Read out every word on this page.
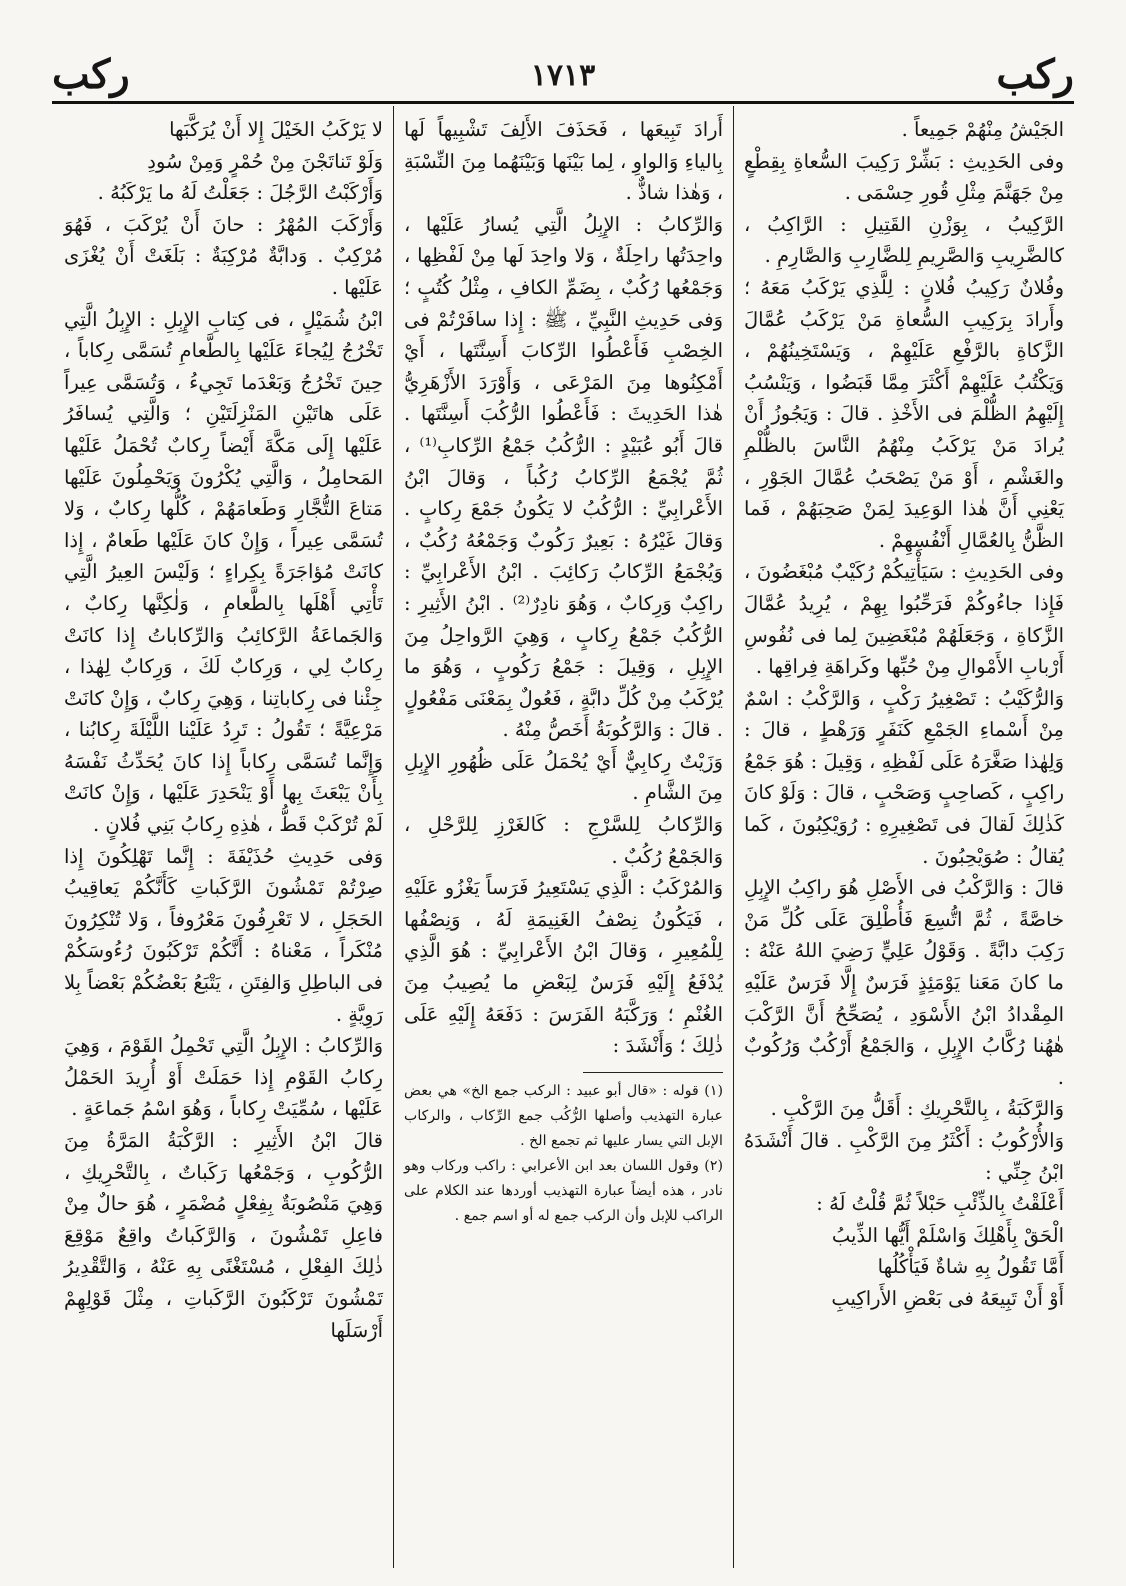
ركب
١٧١٣
ركب

الجَيْشُ مِنْهُمْ جَمِيعاً .

وفى الحَدِيثِ : بَشِّرْ رَكِيبَ السُّعاةِ بِقِطْعٍ مِنْ جَهَنَّمَ مِثْلِ قُورِ حِسْمَى .

الرَّكِيبُ ، بِوَزْنِ القَتِيلِ : الرَّاكِبُ ، كالضَّرِيبِ وَالصَّرِيمِ لِلضَّارِبِ وَالصَّارِمِ .

وفُلانٌ رَكِيبُ فُلانٍ : لِلَّذِي يَرْكَبُ مَعَهُ ؛ وأَرادَ بِرَكِيبِ السُّعاةِ مَنْ يَرْكَبُ عُمَّالَ الزَّكاةِ بالرَّفْعِ عَلَيْهِمْ ، وَيَسْتَخِينُهُمْ ، وَيَكْتُبُ عَلَيْهِمْ أَكْثَرَ مِمَّا قَبَضُوا ، وَيَنْسُبُ إِلَيْهِمُ الظُّلْمَ فى الأَخْذِ . قالَ : وَيَجُوزُ أَنْ يُرادَ مَنْ يَرْكَبُ مِنْهُمُ النَّاسَ بالظُّلْمِ والغَشْمِ ، أَوْ مَنْ يَصْحَبُ عُمَّالَ الجَوْرِ ، يَعْنِي أَنَّ هٰذا الوَعِيدَ لِمَنْ صَحِبَهُمْ ، فَما الظَّنُّ بِالعُمَّالِ أَنْفُسِهِمْ .

وفى الحَدِيثِ : سَيَأْتِيكُمْ رُكَيْبٌ مُبْغَضُونَ ، فَإِذا جاءُوكُمْ فَرَحِّبُوا بِهِمْ ، يُرِيدُ عُمَّالَ الزَّكاةِ ، وَجَعَلَهُمْ مُبْغَضِينَ لِما فى نُفُوسِ أَرْبابِ الأَمْوالِ مِنْ حُبِّها وكَراهَةِ فِراقِها .

وَالرُّكَيْبُ : تَصْغِيرُ رَكْبٍ ، وَالرَّكْبُ : اسْمٌ مِنْ أَسْماءِ الجَمْعِ كَنَفَرٍ وَرَهْطٍ ، قالَ : وَلِهٰذا صَغَّرَهُ عَلَى لَفْظِهِ ، وَقِيلَ : هُوَ جَمْعُ راكِبٍ ، كَصاحِبٍ وَصَحْبٍ ، قالَ : وَلَوْ كانَ كَذٰلِكَ لَقالَ فى تَصْغِيرِهِ : رُوَيْكِبُونَ ، كَما يُقالُ : صُوَيْحِبُونَ .

قالَ : وَالرَّكْبُ فى الأَصْلِ هُوَ راكِبُ الإِبِلِ خاصَّةً ، ثُمَّ اتُّسِعَ فَأُطْلِقَ عَلَى كُلِّ مَنْ رَكِبَ دابَّةً . وَقَوْلُ عَلِيٍّ رَضِيَ اللهُ عَنْهُ : ما كانَ مَعَنا يَوْمَئِذٍ فَرَسٌ إِلَّا فَرَسٌ عَلَيْهِ المِقْدادُ ابْنُ الأَسْوَدِ ، يُصَحِّحُ أَنَّ الرَّكْبَ هٰهُنا رُكَّابُ الإِبِلِ ، وَالجَمْعُ أَرْكُبٌ وَرُكُوبٌ .

وَالرَّكَبَةُ ، بِالتَّحْرِيكِ : أَقَلُّ مِنَ الرَّكْبِ .

وَالأُرْكُوبُ : أَكْثَرُ مِنَ الرَّكْبِ . قالَ أَنْشَدَهُ ابْنُ جِنِّي :

أَعْلَقْتُ بِالذِّئْبِ حَبْلاً ثُمَّ قُلْتُ لَهُ :

الْحَقْ بِأَهْلِكَ وَاسْلَمْ أَيُّها الذِّيبُ

أَمَّا تَقُولُ بِهِ شاةٌ فَيَأْكُلُها

أَوْ أَنْ تَبِيعَهُ فى بَعْضِ الأَراكِيبِ

أَرادَ تَبِيعَها ، فَحَذَفَ الأَلِفَ تَشْبِيهاً لَها بِالياءِ وَالواوِ ، لِما بَيْنَها وَبَيْنَهُما مِنَ النِّسْبَةِ ، وَهٰذا شاذٌّ .

وَالرِّكابُ : الإِبِلُ الَّتِي يُسارُ عَلَيْها ، واحِدَتُها راحِلَةٌ ، وَلا واحِدَ لَها مِنْ لَفْظِها ، وَجَمْعُها رُكُبٌ ، بِضَمِّ الكافِ ، مِثْلُ كُتُبٍ ؛ وَفى حَدِيثِ النَّبِيِّ ، ﷺ : إِذا سافَرْتُمْ فى الخِصْبِ فَأَعْطُوا الرِّكابَ أَسِنَّتَها ، أَيْ أَمْكِنُوها مِنَ المَرْعَى ، وَأَوْرَدَ الأَزْهَرِيُّ هٰذا الحَدِيثَ : فَأَعْطُوا الرُّكُبَ أَسِنَّتَها . قالَ أَبُو عُبَيْدٍ : الرُّكُبُ جَمْعُ الرِّكابِ⁽¹⁾ ، ثُمَّ يُجْمَعُ الرِّكابُ رُكُباً ، وَقالَ ابْنُ الأَعْرابِيِّ : الرُّكُبُ لا يَكُونُ جَمْعَ رِكابٍ . وَقالَ غَيْرُهُ : بَعِيرٌ رَكُوبٌ وَجَمْعُهُ رُكُبٌ ، وَيُجْمَعُ الرِّكابُ رَكائِبَ . ابْنُ الأَعْرابِيِّ : راكِبٌ وَرِكابٌ ، وَهُوَ نادِرٌ⁽²⁾ . ابْنُ الأَثِيرِ : الرُّكُبُ جَمْعُ رِكابٍ ، وَهِيَ الرَّواحِلُ مِنَ الإِبِلِ ، وَقِيلَ : جَمْعُ رَكُوبٍ ، وَهُوَ ما يُرْكَبُ مِنْ كُلِّ دابَّةٍ ، فَعُولٌ بِمَعْنَى مَفْعُولٍ . قالَ : وَالرَّكُوبَةُ أَخَصُّ مِنْهُ .

وَزَيْتٌ رِكابِيٌّ أَيْ يُحْمَلُ عَلَى ظُهُورِ الإِبِلِ مِنَ الشَّامِ .

وَالرِّكابُ لِلسَّرْجِ : كَالغَرْزِ لِلرَّحْلِ ، وَالجَمْعُ رُكُبٌ .

وَالمُرْكَبُ : الَّذِي يَسْتَعِيرُ فَرَساً يَغْزُو عَلَيْهِ ، فَيَكُونُ نِصْفُ الغَنِيمَةِ لَهُ ، وَنِصْفُها لِلْمُعِيرِ ، وَقالَ ابْنُ الأَعْرابِيِّ : هُوَ الَّذِي يُدْفَعُ إِلَيْهِ فَرَسٌ لِبَعْضِ ما يُصِيبُ مِنَ الغُنْمِ ؛ وَرَكَّبَهُ الفَرَسَ : دَفَعَهُ إِلَيْهِ عَلَى ذٰلِكَ ؛ وَأَنْشَدَ :

(١) قوله : «قال أبو عبيد : الركب جمع الخ» هي بعض عبارة التهذيب وأصلها الرُّكُب جمع الرِّكاب ، والركاب الإبل التي يسار عليها ثم تجمع الخ .

(٢) وقول اللسان بعد ابن الأعرابي : راكب وركاب وهو نادر ، هذه أيضاً عبارة التهذيب أوردها عند الكلام على الراكب للإبل وأن الركب جمع له أو اسم جمع .

لا يَرْكَبُ الخَيْلَ إِلا أَنْ يُرَكَّبَها

وَلَوْ تَناتَجْنَ مِنْ حُمْرٍ وَمِنْ سُودِ

وَأَرْكَبْتُ الرَّجُلَ : جَعَلْتُ لَهُ ما يَرْكَبُهُ .

وَأَرْكَبَ المُهْرُ : حانَ أَنْ يُرْكَبَ ، فَهُوَ مُرْكِبٌ . وَدابَّةٌ مُرْكِبَةٌ : بَلَغَتْ أَنْ يُغْزَى عَلَيْها .

ابْنُ شُمَيْلٍ ، فى كِتابِ الإِبِلِ : الإِبِلُ الَّتِي تَخْرُجُ لِيُجاءَ عَلَيْها بِالطَّعامِ تُسَمَّى رِكاباً ، حِينَ تَخْرُجُ وَبَعْدَما تَجِيءُ ، وَتُسَمَّى عِيراً عَلَى هاتَيْنِ المَنْزِلَتَيْنِ ؛ وَالَّتِي يُسافَرُ عَلَيْها إِلَى مَكَّةَ أَيْضاً رِكابٌ تُحْمَلُ عَلَيْها المَحامِلُ ، وَالَّتِي يُكْرُونَ وَيَحْمِلُونَ عَلَيْها مَتاعَ التُّجَّارِ وَطَعامَهُمْ ، كُلُّها رِكابٌ ، وَلا تُسَمَّى عِيراً ، وَإِنْ كانَ عَلَيْها طَعامٌ ، إِذا كانَتْ مُؤاجَرَةً بِكِراءٍ ؛ وَلَيْسَ العِيرُ الَّتِي تَأْتِي أَهْلَها بِالطَّعامِ ، وَلٰكِنَّها رِكابٌ ، وَالجَماعَةُ الرَّكائِبُ وَالرِّكاباتُ إِذا كانَتْ رِكابٌ لِي ، وَرِكابٌ لَكَ ، وَرِكابٌ لِهٰذا ، جِئْنا فى رِكاباتِنا ، وَهِيَ رِكابٌ ، وَإِنْ كانَتْ مَرْعِيَّةً ؛ تَقُولُ : تَرِدُ عَلَيْنا اللَّيْلَةَ رِكابُنا ، وَإِنَّما تُسَمَّى رِكاباً إِذا كانَ يُحَدِّثُ نَفْسَهُ بِأَنْ يَبْعَثَ بِها أَوْ يَنْحَدِرَ عَلَيْها ، وَإِنْ كانَتْ لَمْ تُرْكَبْ قَطُّ ، هٰذِهِ رِكابُ بَنِي فُلانٍ .

وَفى حَدِيثِ حُذَيْفَةَ : إِنَّما تَهْلِكُونَ إِذا صِرْتُمْ تَمْشُونَ الرَّكَباتِ كَأَنَّكُمْ يَعاقِيبُ الحَجَلِ ، لا تَعْرِفُونَ مَعْرُوفاً ، وَلا تُنْكِرُونَ مُنْكَراً ، مَعْناهُ : أَنَّكُمْ تَرْكَبُونَ رُءُوسَكُمْ فى الباطِلِ وَالفِتَنِ ، يَتْبَعُ بَعْضُكُمْ بَعْضاً بِلا رَوِيَّةٍ .

وَالرِّكابُ : الإِبِلُ الَّتِي تَحْمِلُ القَوْمَ ، وَهِيَ رِكابُ القَوْمِ إِذا حَمَلَتْ أَوْ أُرِيدَ الحَمْلُ عَلَيْها ، سُمِّيَتْ رِكاباً ، وَهُوَ اسْمُ جَماعَةٍ .

قالَ ابْنُ الأَثِيرِ : الرَّكْبَةُ المَرَّةُ مِنَ الرُّكُوبِ ، وَجَمْعُها رَكَباتٌ ، بِالتَّحْرِيكِ ، وَهِيَ مَنْصُوبَةٌ بِفِعْلٍ مُضْمَرٍ ، هُوَ حالٌ مِنْ فاعِلِ تَمْشُونَ ، وَالرَّكَباتُ واقِعٌ مَوْقِعَ ذٰلِكَ الفِعْلِ ، مُسْتَغْنًى بِهِ عَنْهُ ، وَالتَّقْدِيرُ تَمْشُونَ تَرْكَبُونَ الرَّكَباتِ ، مِثْلَ قَوْلِهِمْ أَرْسَلَها
